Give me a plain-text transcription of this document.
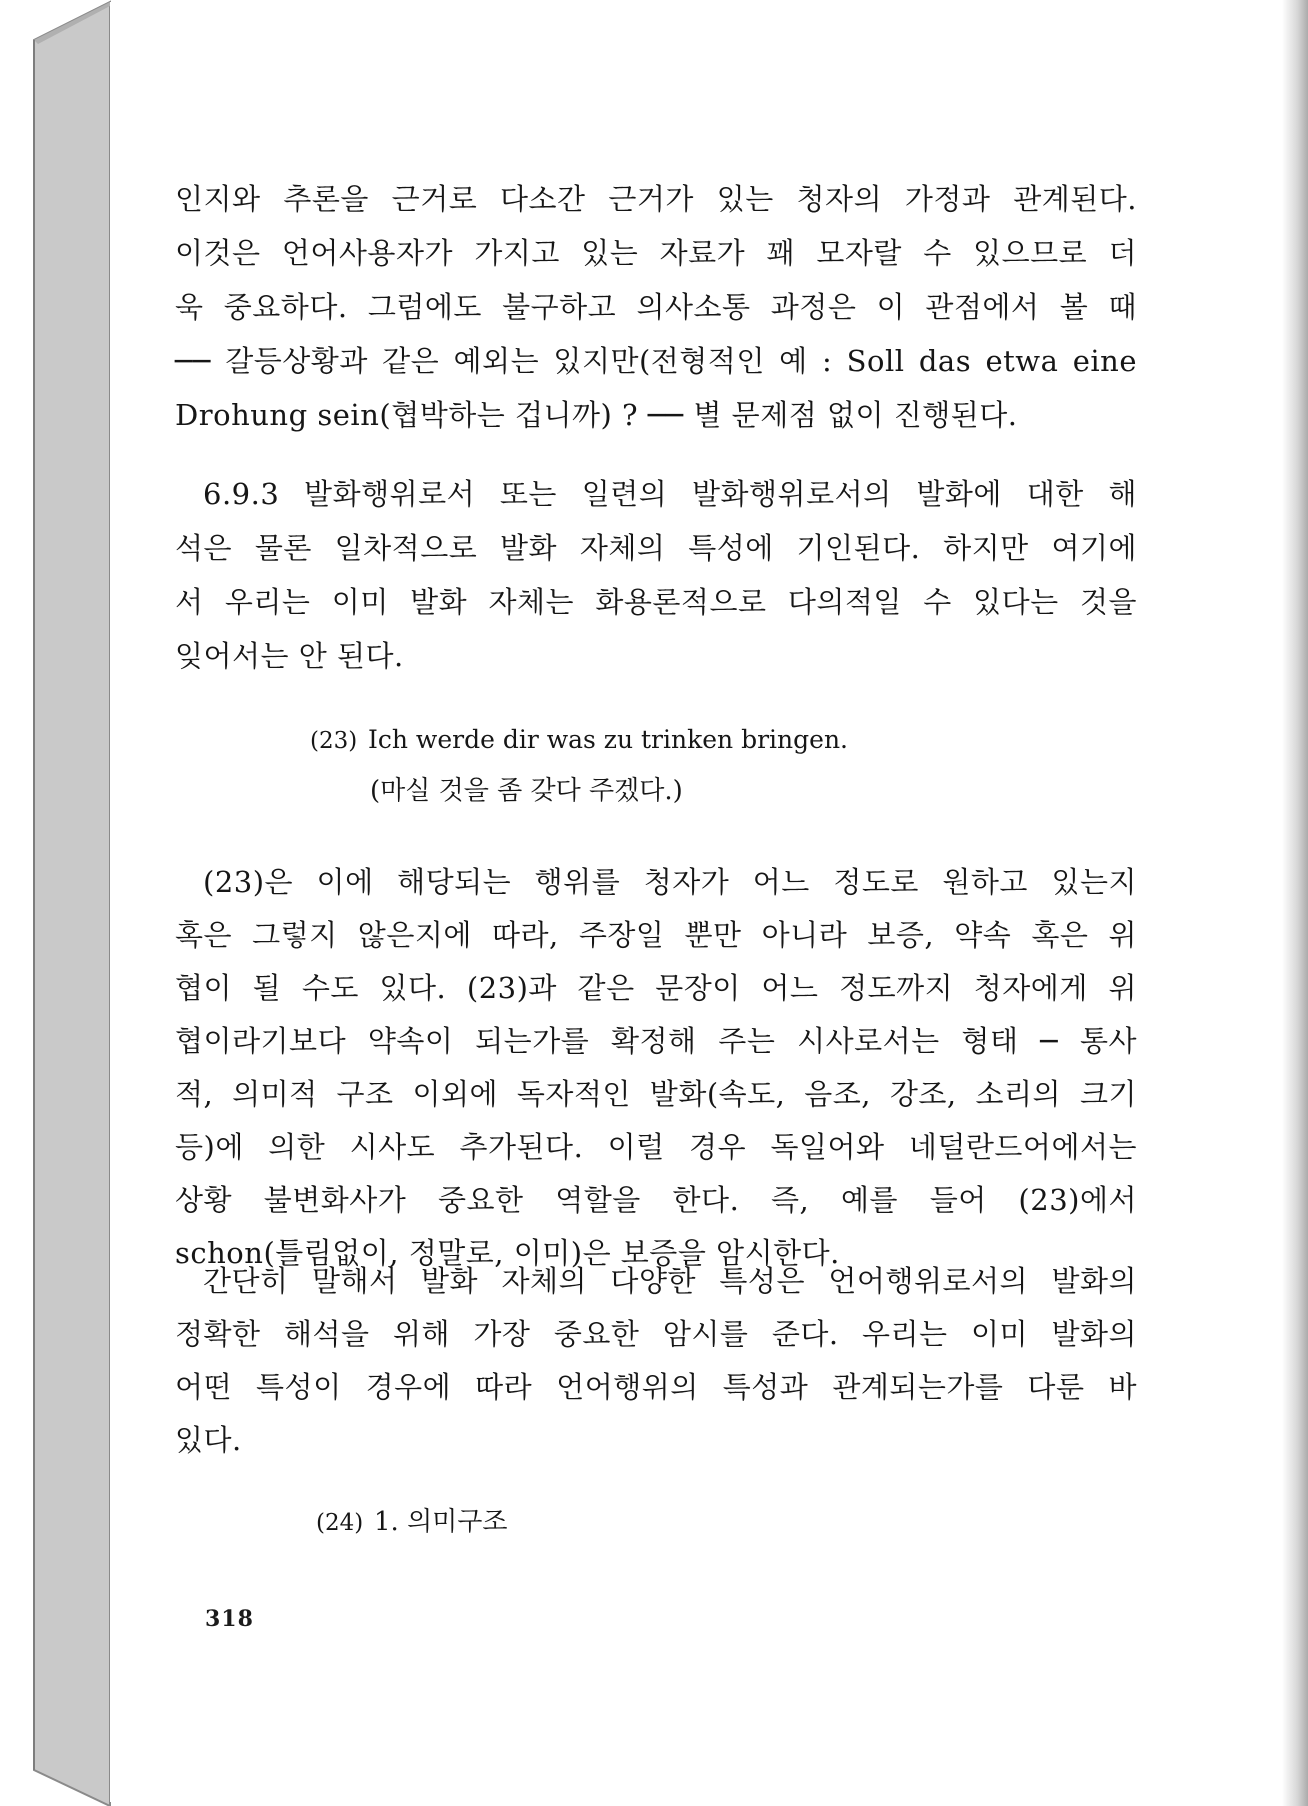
인지와 추론을 근거로 다소간 근거가 있는 청자의 가정과 관계된다.
이것은 언어사용자가 가지고 있는 자료가 꽤 모자랄 수 있으므로 더
욱 중요하다. 그럼에도 불구하고 의사소통 과정은 이 관점에서 볼 때
── 갈등상황과 같은 예외는 있지만(전형적인 예 : Soll das etwa eine
Drohung sein(협박하는 겁니까) ? ── 별 문제점 없이 진행된다.
6.9.3 발화행위로서 또는 일련의 발화행위로서의 발화에 대한 해
석은 물론 일차적으로 발화 자체의 특성에 기인된다. 하지만 여기에
서 우리는 이미 발화 자체는 화용론적으로 다의적일 수 있다는 것을
잊어서는 안 된다.
(23) Ich werde dir was zu trinken bringen.
(마실 것을 좀 갖다 주겠다.)
(23)은 이에 해당되는 행위를 청자가 어느 정도로 원하고 있는지
혹은 그렇지 않은지에 따라, 주장일 뿐만 아니라 보증, 약속 혹은 위
협이 될 수도 있다. (23)과 같은 문장이 어느 정도까지 청자에게 위
협이라기보다 약속이 되는가를 확정해 주는 시사로서는 형태 ─ 통사
적, 의미적 구조 이외에 독자적인 발화(속도, 음조, 강조, 소리의 크기
등)에 의한 시사도 추가된다. 이럴 경우 독일어와 네덜란드어에서는
상황 불변화사가 중요한 역할을 한다. 즉, 예를 들어 (23)에서
schon(틀림없이, 정말로, 이미)은 보증을 암시한다.
간단히 말해서 발화 자체의 다양한 특성은 언어행위로서의 발화의
정확한 해석을 위해 가장 중요한 암시를 준다. 우리는 이미 발화의
어떤 특성이 경우에 따라 언어행위의 특성과 관계되는가를 다룬 바
있다.
(24) 1. 의미구조
318
